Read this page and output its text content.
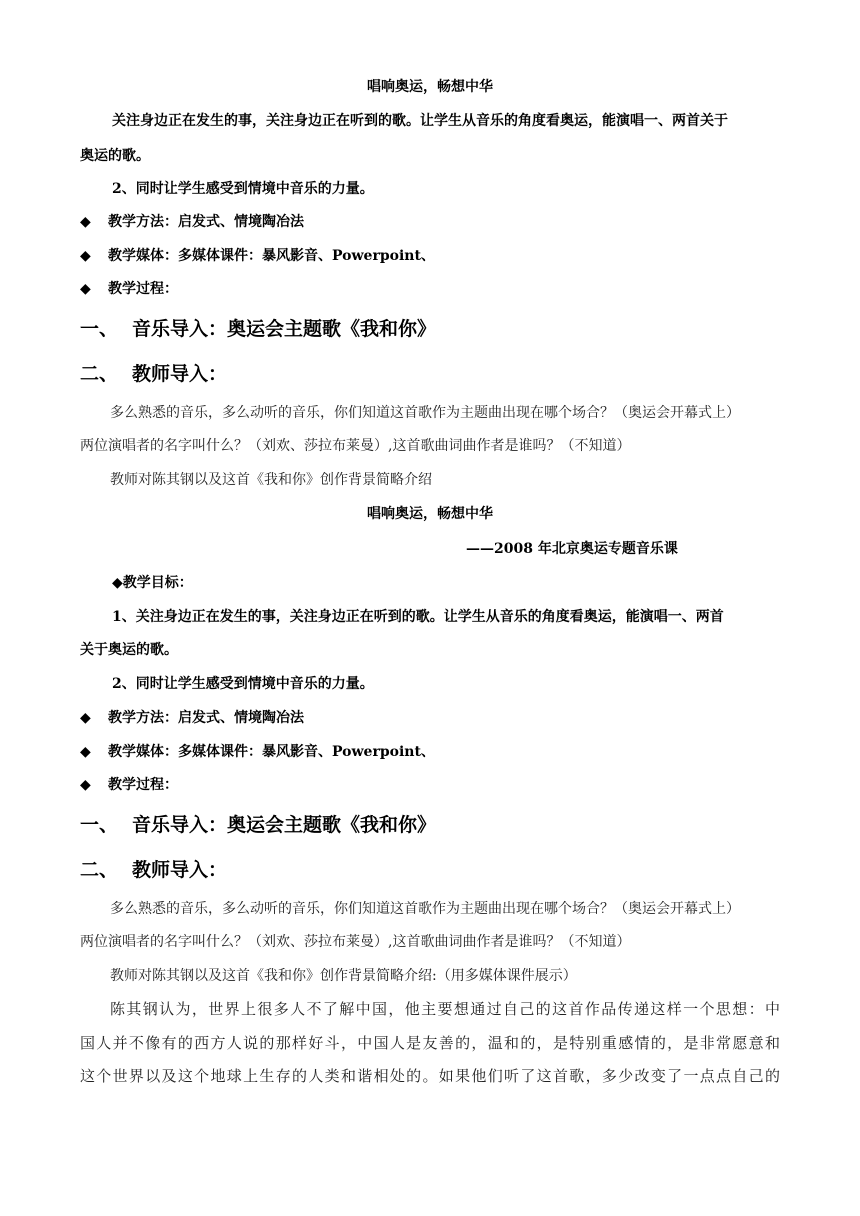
唱响奥运，畅想中华
关注身边正在发生的事，关注身边正在听到的歌。让学生从音乐的角度看奥运，能演唱一、两首关于
奥运的歌。
2、同时让学生感受到情境中音乐的力量。
◆ 教学方法：启发式、情境陶冶法
◆ 教学媒体：多媒体课件：暴风影音、Powerpoint、
◆ 教学过程：
一、 音乐导入：奥运会主题歌《我和你》
二、 教师导入：
多么熟悉的音乐，多么动听的音乐，你们知道这首歌作为主题曲出现在哪个场合？（奥运会开幕式上）
两位演唱者的名字叫什么？（刘欢、莎拉布莱曼）,这首歌曲词曲作者是谁吗？（不知道）
教师对陈其钢以及这首《我和你》创作背景简略介绍
唱响奥运，畅想中华
——2008 年北京奥运专题音乐课
◆教学目标：
1、关注身边正在发生的事，关注身边正在听到的歌。让学生从音乐的角度看奥运，能演唱一、两首
关于奥运的歌。
2、同时让学生感受到情境中音乐的力量。
◆ 教学方法：启发式、情境陶冶法
◆ 教学媒体：多媒体课件：暴风影音、Powerpoint、
◆ 教学过程：
一、 音乐导入：奥运会主题歌《我和你》
二、 教师导入：
多么熟悉的音乐，多么动听的音乐，你们知道这首歌作为主题曲出现在哪个场合？（奥运会开幕式上）
两位演唱者的名字叫什么？（刘欢、莎拉布莱曼）,这首歌曲词曲作者是谁吗？（不知道）
教师对陈其钢以及这首《我和你》创作背景简略介绍:（用多媒体课件展示）
陈其钢认为，世界上很多人不了解中国，他主要想通过自己的这首作品传递这样一个思想：中
国人并不像有的西方人说的那样好斗，中国人是友善的，温和的，是特别重感情的，是非常愿意和
这个世界以及这个地球上生存的人类和谐相处的。如果他们听了这首歌，多少改变了一点点自己的
